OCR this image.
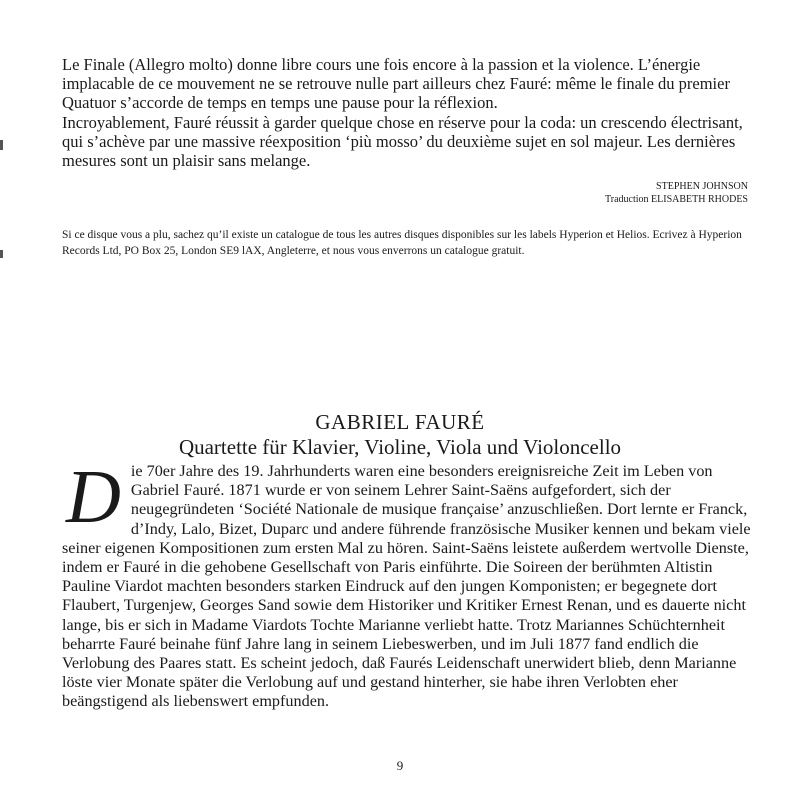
Le Finale (Allegro molto) donne libre cours une fois encore à la passion et la violence. L’énergie implacable de ce mouvement ne se retrouve nulle part ailleurs chez Fauré: même le finale du premier Quatuor s’accorde de temps en temps une pause pour la réflexion.

Incroyablement, Fauré réussit à garder quelque chose en réserve pour la coda: un crescendo électrisant, qui s’achève par une massive réexposition ‘più mosso’ du deuxième sujet en sol majeur. Les dernières mesures sont un plaisir sans melange.

STEPHEN JOHNSON
Traduction ELISABETH RHODES
Si ce disque vous a plu, sachez qu’il existe un catalogue de tous les autres disques disponibles sur les labels Hyperion et Helios. Ecrivez à Hyperion Records Ltd, PO Box 25, London SE9 lAX, Angleterre, et nous vous enverrons un catalogue gratuit.
GABRIEL FAURÉ
Quartette für Klavier, Violine, Viola und Violoncello
D ie 70er Jahre des 19. Jahrhunderts waren eine besonders ereignisreiche Zeit im Leben von Gabriel Fauré. 1871 wurde er von seinem Lehrer Saint-Saëns aufgefordert, sich der neugegründeten ‘Société Nationale de musique française’ anzuschließen. Dort lernte er Franck, d’Indy, Lalo, Bizet, Duparc und andere führende französische Musiker kennen und bekam viele seiner eigenen Kompositionen zum ersten Mal zu hören. Saint-Saëns leistete außerdem wertvolle Dienste, indem er Fauré in die gehobene Gesellschaft von Paris einführte. Die Soireen der berühmten Altistin Pauline Viardot machten besonders starken Eindruck auf den jungen Komponisten; er begegnete dort Flaubert, Turgenjew, Georges Sand sowie dem Historiker und Kritiker Ernest Renan, und es dauerte nicht lange, bis er sich in Madame Viardots Tochte Marianne verliebt hatte. Trotz Mariannes Schüchternheit beharrte Fauré beinahe fünf Jahre lang in seinem Liebeswerben, und im Juli 1877 fand endlich die Verlobung des Paares statt. Es scheint jedoch, daß Faurés Leidenschaft unerwidert blieb, denn Marianne löste vier Monate später die Verlobung auf und gestand hinterher, sie habe ihren Verlobten eher beängstigend als liebenswert empfunden.

9
